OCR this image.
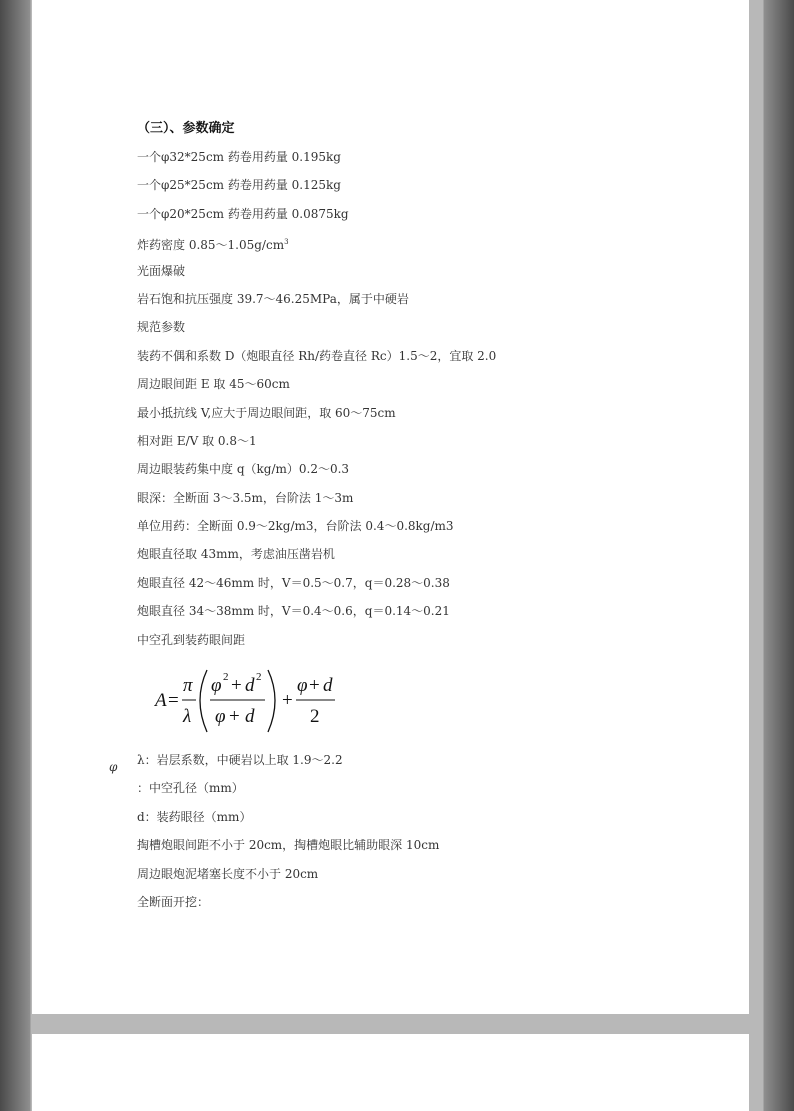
（三）、参数确定
一个φ32*25cm 药卷用药量 0.195kg
一个φ25*25cm 药卷用药量 0.125kg
一个φ20*25cm 药卷用药量 0.0875kg
炸药密度 $0.85\sim 1.05g/cm^3$
光面爆破
岩石饱和抗压强度 39.7～46.25MPa，属于中硬岩
规范参数
装药不偶和系数 D（炮眼直径 Rh/药卷直径 Rc）1.5～2，宜取 2.0
周边眼间距 E 取 45～60cm
最小抵抗线 V,应大于周边眼间距，取 60～75cm
相对距 E/V 取 0.8～1
周边眼装药集中度 q（kg/m）0.2～0.3
眼深：全断面 3～3.5m，台阶法 1～3m
单位用药：全断面 0.9～2kg/m3，台阶法 0.4～0.8kg/m3
炮眼直径取 43mm，考虑油压凿岩机
炮眼直径 42～46mm 时，V＝0.5～0.7，q＝0.28～0.38
炮眼直径 34～38mm 时，V＝0.4～0.6，q＝0.14～0.21
中空孔到装药眼间距
A =
π
λ
φ 2 + d 2
φ + d
+
φ + d
2
λ：岩层系数，中硬岩以上取 1.9～2.2
：中空孔径（mm）
d：装药眼径（mm）
掏槽炮眼间距不小于 20cm，掏槽炮眼比辅助眼深 10cm
周边眼炮泥堵塞长度不小于 20cm
全断面开挖：
φ
